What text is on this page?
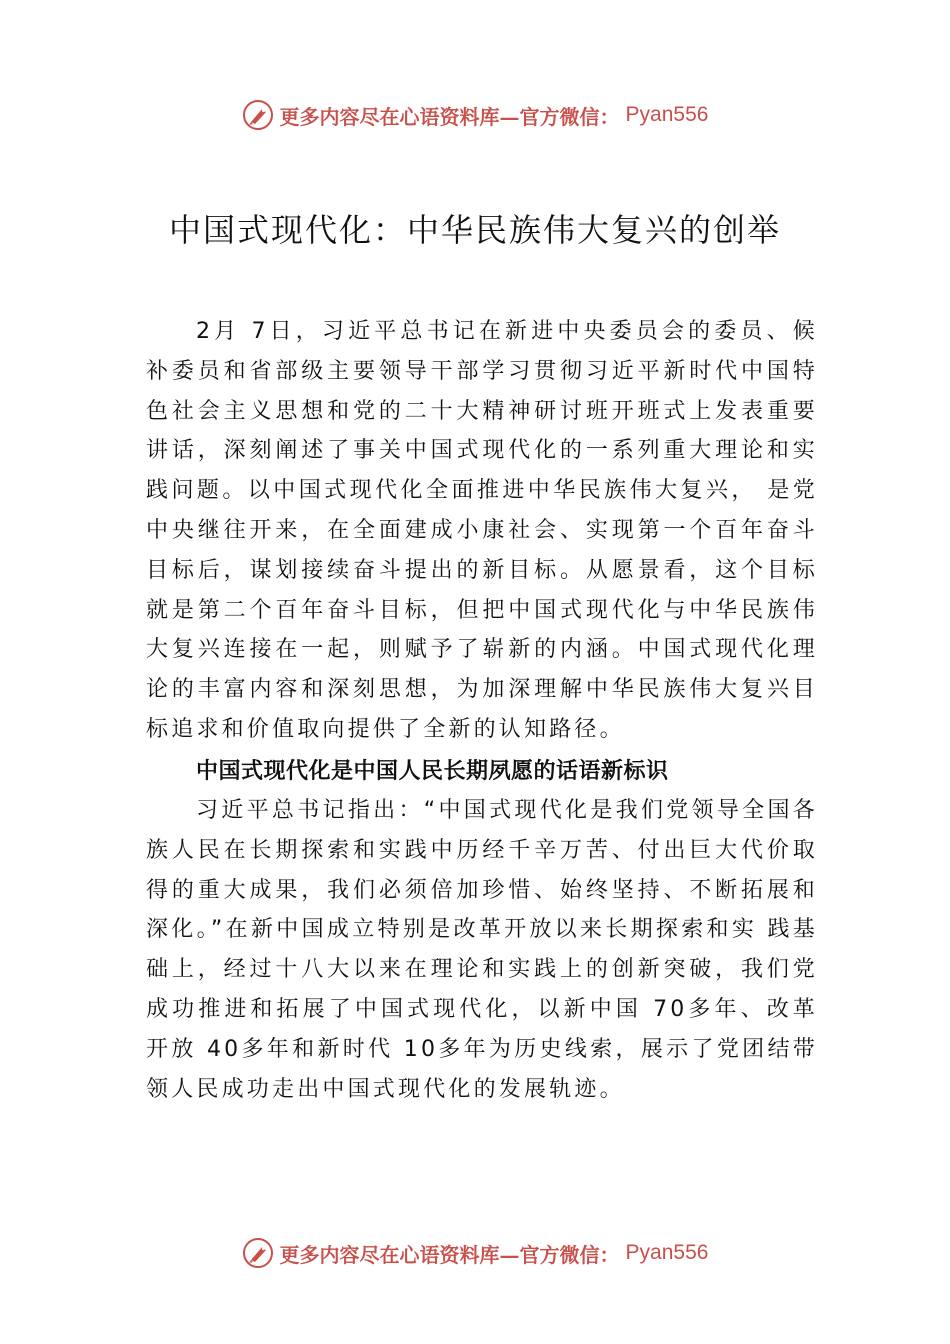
更多内容尽在心语资料库—官方微信： Pyan556
中国式现代化：中华民族伟大复兴的创举
2月 7日，习近平总书记在新进中央委员会的委员、候补委员和省部级主要领导干部学习贯彻习近平新时代中国特色社会主义思想和党的二十大精神研讨班开班式上发表重要讲话，深刻阐述了事关中国式现代化的一系列重大理论和实践问题。以中国式现代化全面推进中华民族伟大复兴， 是党中央继往开来，在全面建成小康社会、实现第一个百年奋斗目标后，谋划接续奋斗提出的新目标。从愿景看，这个目标就是第二个百年奋斗目标，但把中国式现代化与中华民族伟大复兴连接在一起，则赋予了崭新的内涵。中国式现代化理论的丰富内容和深刻思想，为加深理解中华民族伟大复兴目标追求和价值取向提供了全新的认知路径。
中国式现代化是中国人民长期夙愿的话语新标识
习近平总书记指出：“中国式现代化是我们党领导全国各族人民在长期探索和实践中历经千辛万苦、付出巨大代价取得的重大成果，我们必须倍加珍惜、始终坚持、不断拓展和深化。”在新中国成立特别是改革开放以来长期探索和实 践基础上，经过十八大以来在理论和实践上的创新突破，我们党成功推进和拓展了中国式现代化，以新中国 70多年、改革开放 40多年和新时代 10多年为历史线索，展示了党团结带领人民成功走出中国式现代化的发展轨迹。
更多内容尽在心语资料库—官方微信： Pyan556
